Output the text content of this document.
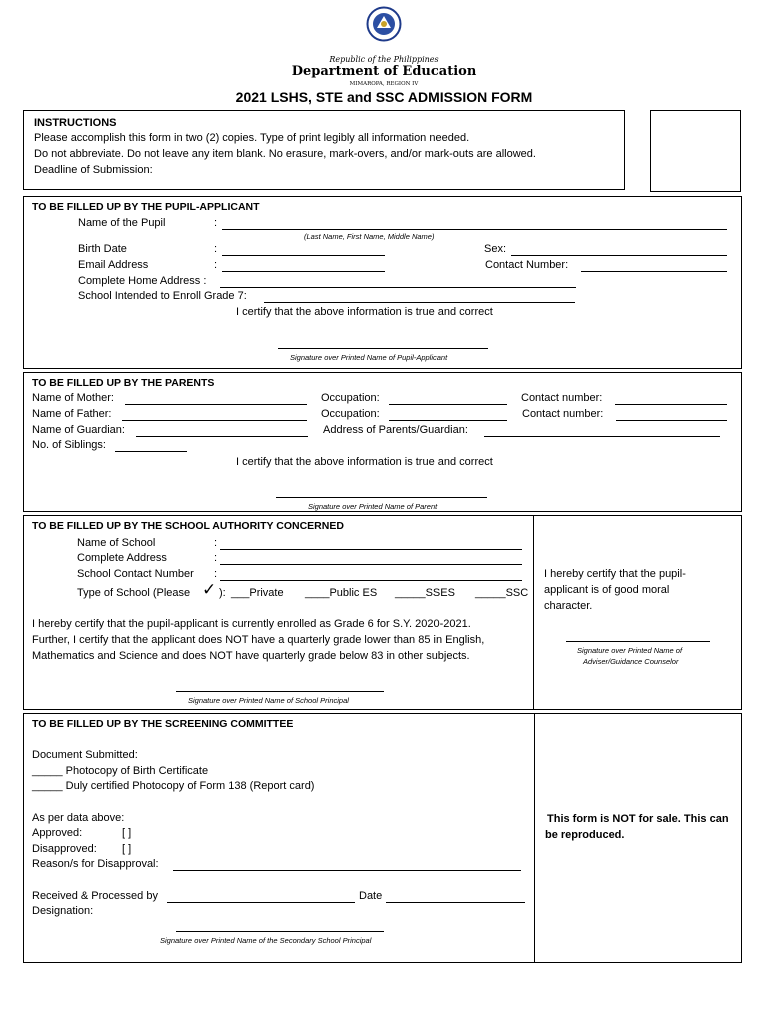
Republic of the Philippines
Department of Education
MIMAROPA, REGION IV
2021 LSHS, STE and SSC ADMISSION FORM
INSTRUCTIONS
Please accomplish this form in two (2) copies. Type of print legibly all information needed.
Do not abbreviate. Do not leave any item blank. No erasure, mark-overs, and/or mark-outs are allowed.
Deadline of Submission:
TO BE FILLED UP BY THE PUPIL-APPLICANT
Name of the Pupil	:
(Last Name, First Name, Middle Name)
Birth Date	:	Sex:
Email Address	:	Contact Number:
Complete Home Address :
School Intended to Enroll Grade 7:
I certify that the above information is true and correct
Signature over Printed Name of Pupil-Applicant
TO BE FILLED UP BY THE PARENTS
Name of Mother:	Occupation:	Contact number:
Name of Father:	Occupation:	Contact number:
Name of Guardian:	Address of Parents/Guardian:
No. of Siblings:
I certify that the above information is true and correct
Signature over Printed Name of Parent
TO BE FILLED UP BY THE SCHOOL AUTHORITY CONCERNED
Name of School	:
Complete Address	:
School Contact Number :
Type of School (Please ✓ ): ___Private ____Public ES _____SSES _____SSC
I hereby certify that the pupil-applicant is currently enrolled as Grade 6 for S.Y. 2020-2021.
Further, I certify that the applicant does NOT have a quarterly grade lower than 85 in English,
Mathematics and Science and does NOT have quarterly grade below 83 in other subjects.
Signature over Printed Name of School Principal
I hereby certify that the pupil-
applicant is of good moral
character.
Signature over Printed Name of
Adviser/Guidance Counselor
TO BE FILLED UP BY THE SCREENING COMMITTEE
Document Submitted:
_____ Photocopy of Birth Certificate
_____ Duly certified Photocopy of Form 138 (Report card)
As per data above:
Approved:	[ ]
Disapproved: [ ]
Reason/s for Disapproval:
Received & Processed by	Date
Designation:
Signature over Printed Name of the Secondary School Principal
This form is NOT for sale. This can
be reproduced.
